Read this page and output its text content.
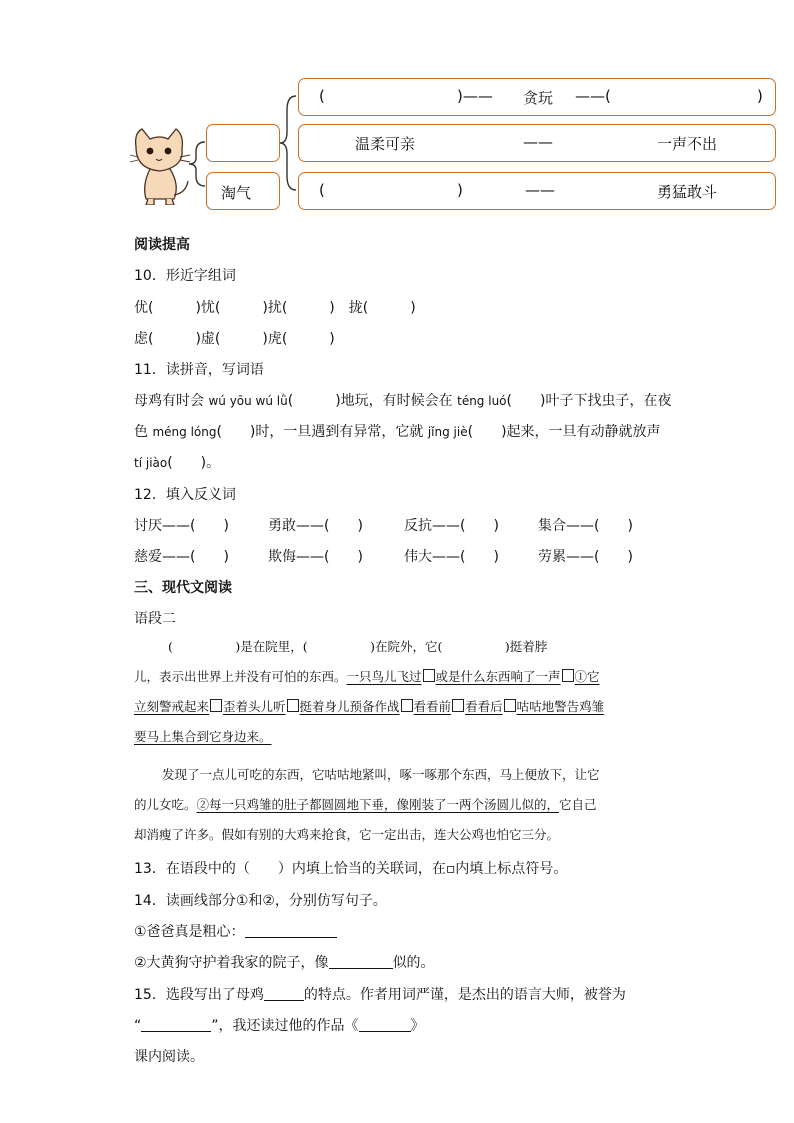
淘气
(	)—— 贪玩 ——(	)
温柔可亲	——	一声不出
(	)	——	勇猛敢斗
阅读提高
10．形近字组词
优(　　　)忧(　　　)扰(　　　)　拢(　　　)
虑(　　　)虚(　　　)虎(　　　)
11．读拼音，写词语
母鸡有时会 wú yōu wú lǜ(　　　)地玩，有时候会在 téng luó(　　)叶子下找虫子，在夜
色 méng lóng(　　)时，一旦遇到有异常，它就 jǐng jiè(　　)起来，一旦有动静就放声
tí jiào(　　)。
12．填入反义词
讨厌——(　　)	勇敢——(　　)	反抗——(　　)	集合——(　　)
慈爱——(　　)	欺侮——(　　)	伟大——(　　)	劳累——(　　)
三、现代文阅读
语段二
(　　　　　)是在院里，(　　　　　)在院外，它(　　　　　)挺着脖
儿，表示出世界上并没有可怕的东西。一只鸟儿飞过 或是什么东西响了一声 ①它
立刻警戒起来 歪着头儿听 挺着身儿预备作战 看看前 看看后 咕咕地警告鸡雏
要马上集合到它身边来。
发现了一点儿可吃的东西，它咕咕地紧叫，啄一啄那个东西，马上便放下，让它
的儿女吃。②每一只鸡雏的肚子都圆圆地下垂，像刚装了一两个汤圆儿似的，它自己
却消瘦了许多。假如有别的大鸡来抢食，它一定出击，连大公鸡也怕它三分。
13．在语段中的（　　）内填上恰当的关联词，在▫内填上标点符号。
14．读画线部分①和②，分别仿写句子。
①爸爸真是粗心：
②大黄狗守护着我家的院子，像	似的。
15．选段写出了母鸡	的特点。作者用词严谨，是杰出的语言大师，被誉为
“	”，我还读过他的作品《	》
课内阅读。
